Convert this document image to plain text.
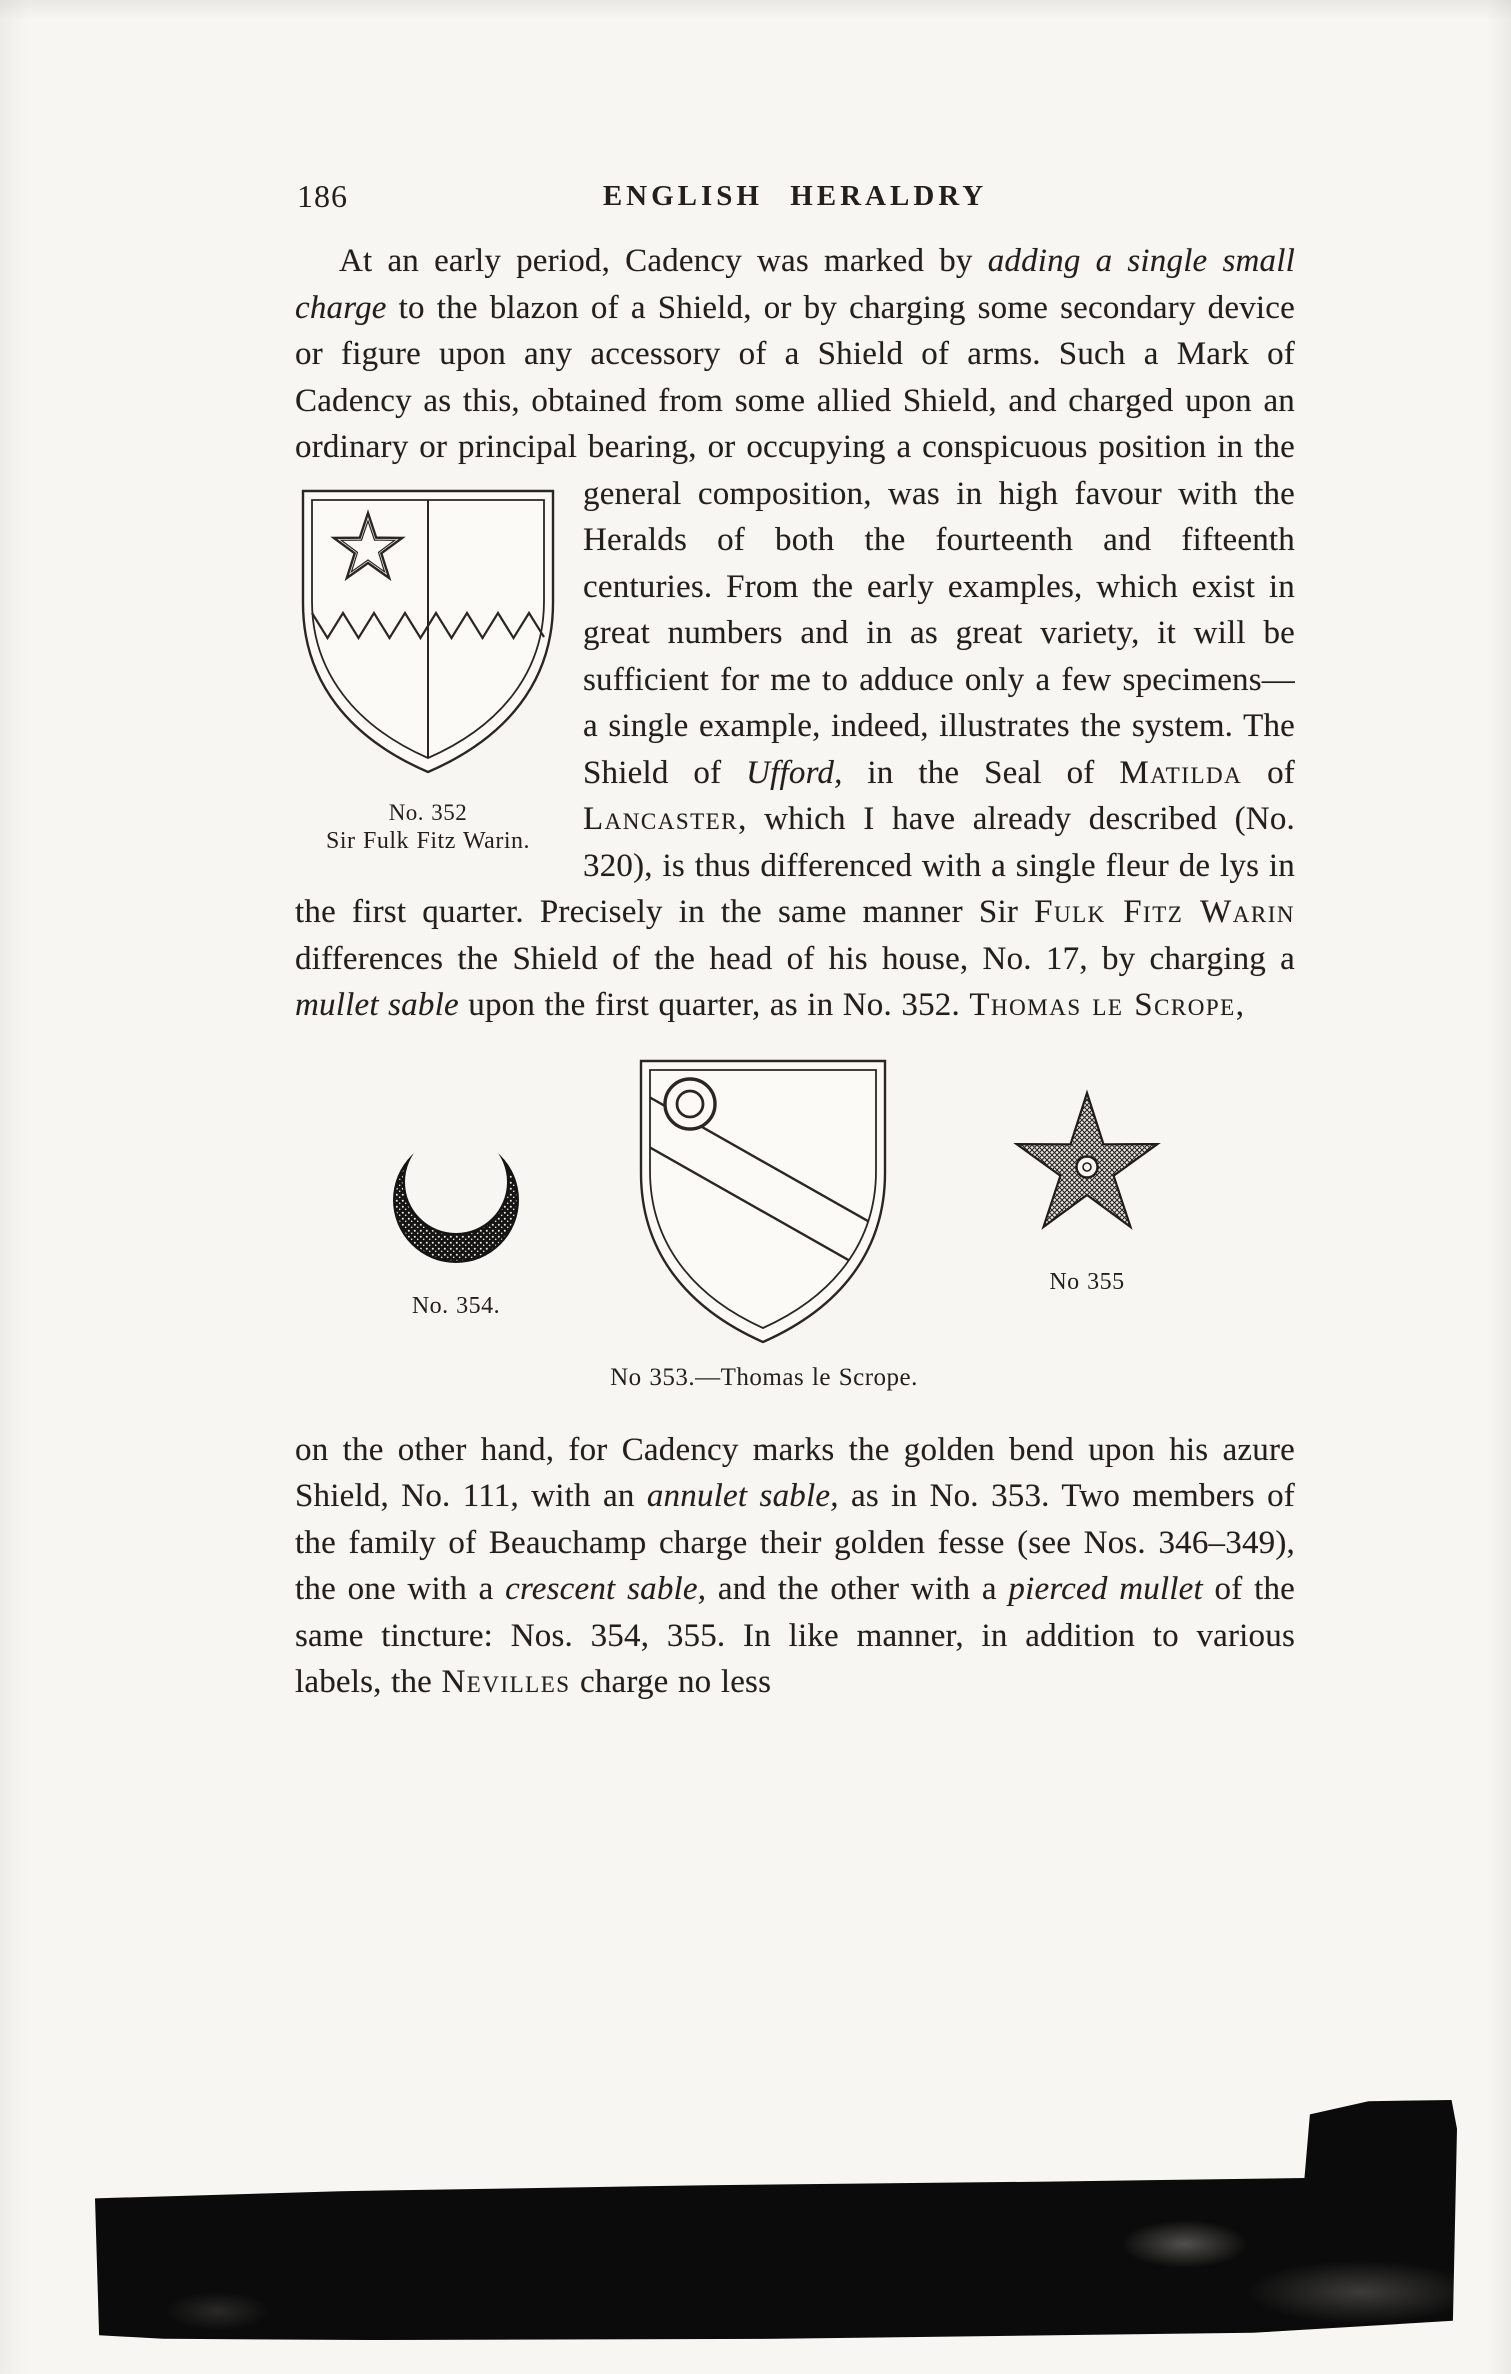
186	ENGLISH HERALDRY

At an early period, Cadency was marked by adding a single small charge to the blazon of a Shield, or by charging some secondary device or figure upon any accessory of a Shield of arms. Such a Mark of Cadency as this, obtained from some allied Shield, and charged upon an ordinary or principal bearing, or occupying a conspicuous position in
No. 352
Sir Fulk Fitz Warin.
the general composition, was in high favour with the Heralds of both the fourteenth and fifteenth centuries. From the early examples, which exist in great numbers and in as great variety, it will be sufficient for me to adduce only a few specimens—a single example, indeed, illustrates the system. The Shield of Ufford, in the Seal of Matilda of Lancaster, which I have already described (No. 320), is thus differenced with a single fleur de lys in the first quarter. Precisely in the same manner Sir Fulk Fitz Warin differences the Shield of the head of his house, No. 17, by charging a mullet sable upon the first quarter, as in No. 352. Thomas le Scrope,

No. 354.
No 355
No 353.—Thomas le Scrope.

on the other hand, for Cadency marks the golden bend upon his azure Shield, No. 111, with an annulet sable, as in No. 353. Two members of the family of Beauchamp charge their golden fesse (see Nos. 346–349), the one with a crescent sable, and the other with a pierced mullet of the same tincture: Nos. 354, 355. In like manner, in addition to various labels, the Nevilles charge no less
